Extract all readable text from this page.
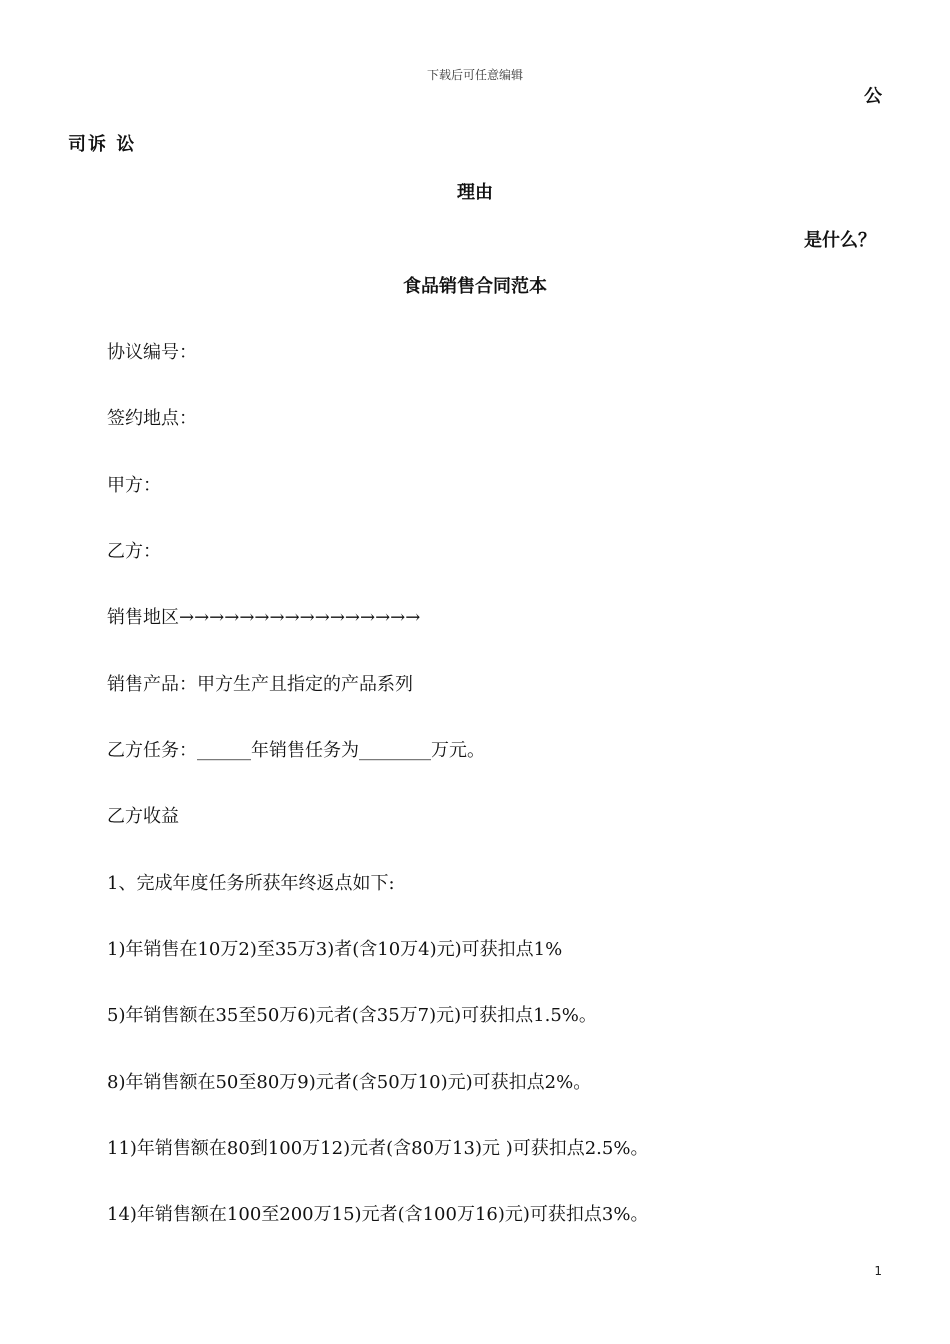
下载后可任意编辑
公
司诉 讼
理由
是什么？
食品销售合同范本
协议编号：
签约地点：
甲方：
乙方：
销售地区→→→→→→→→→→→→→→→→
销售产品：甲方生产且指定的产品系列
乙方任务：______年销售任务为________万元。
乙方收益
1、完成年度任务所获年终返点如下:
1)年销售在10万2)至35万3)者(含10万4)元)可获扣点1%
5)年销售额在35至50万6)元者(含35万7)元)可获扣点1.5%。
8)年销售额在50至80万9)元者(含50万10)元)可获扣点2%。
11)年销售额在80到100万12)元者(含80万13)元 )可获扣点2.5%。
14)年销售额在100至200万15)元者(含100万16)元)可获扣点3%。
1
